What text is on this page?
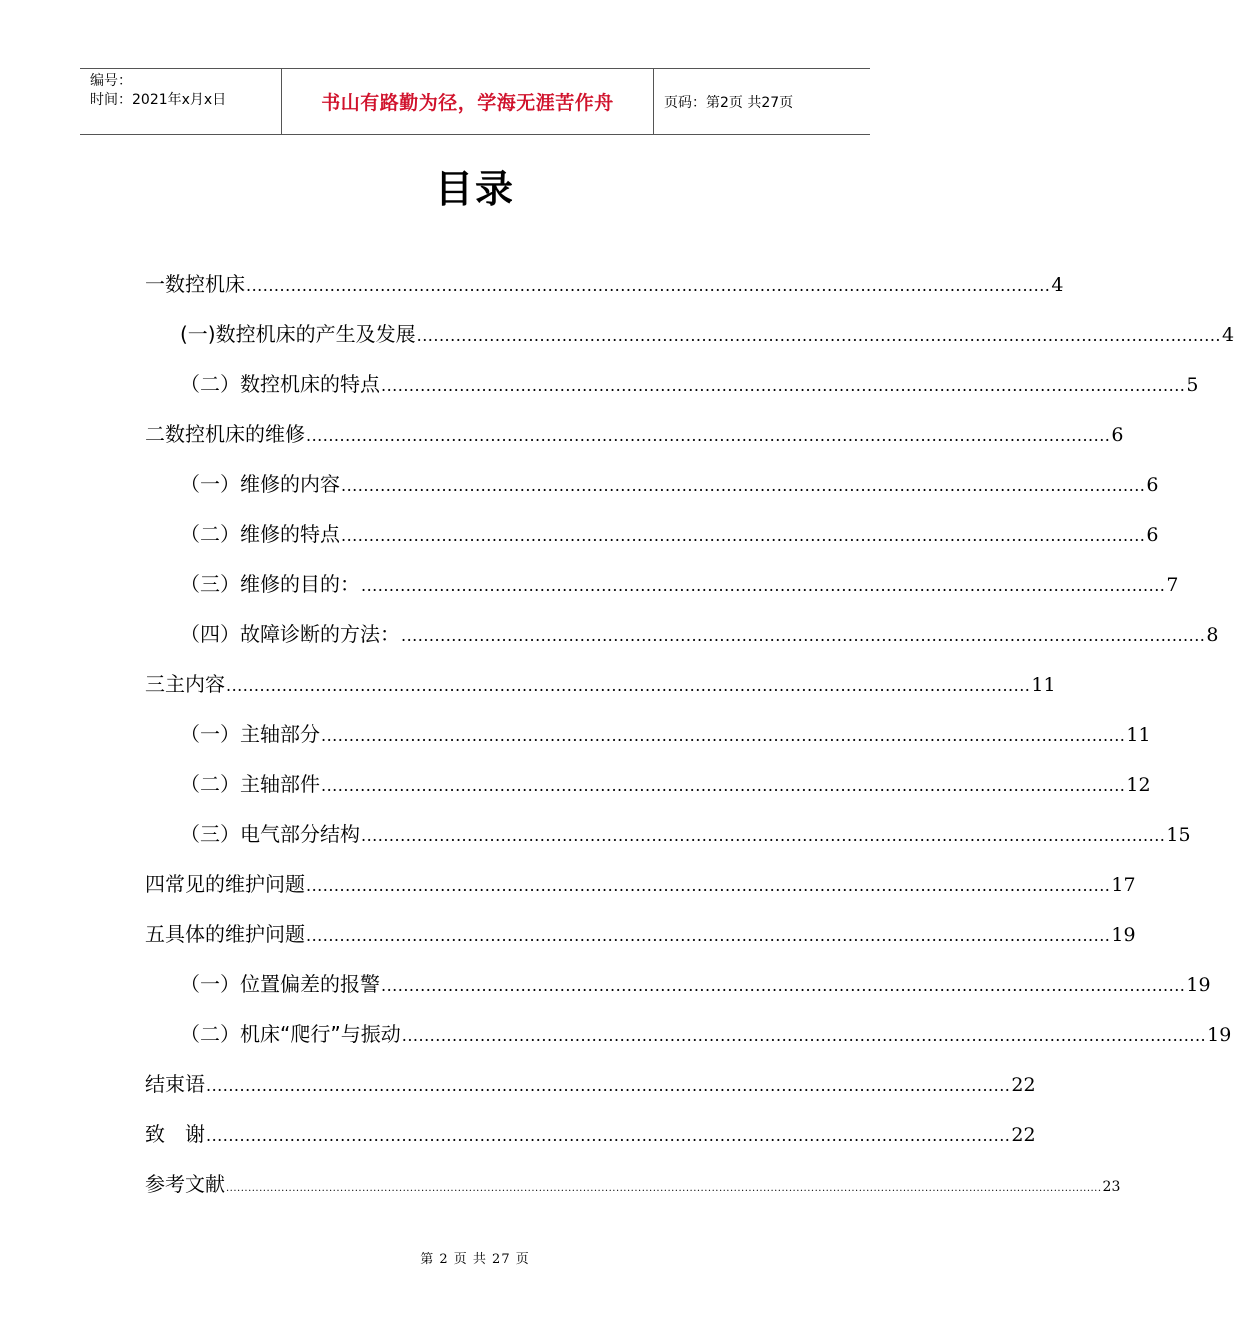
编号：
时间：2021年x月x日	书山有路勤为径，学海无涯苦作舟	页码：第2页 共27页
目录
一 数控机床 ................................................................................................................................................ 4
(一) 数控机床的产生及发展 ................................................................................................................................................ 4
（二） 数控机床的特点 ................................................................................................................................................ 5
二 数控机床的维修 ................................................................................................................................................ 6
（一） 维修的内容 ................................................................................................................................................ 6
（二） 维修的特点 ................................................................................................................................................ 6
（三） 维修的目的： ................................................................................................................................................ 7
（四） 故障诊断的方法： ................................................................................................................................................ 8
三 主内容 ................................................................................................................................................ 11
（一） 主轴部分 ................................................................................................................................................ 11
（二） 主轴部件 ................................................................................................................................................ 12
（三） 电气部分结构 ................................................................................................................................................ 15
四 常见的维护问题 ................................................................................................................................................ 17
五 具体的维护问题 ................................................................................................................................................ 19
（一） 位置偏差的报警 ................................................................................................................................................ 19
（二） 机床“爬行”与振动 ................................................................................................................................................ 19
结束语 ................................................................................................................................................ 22
致　谢 ................................................................................................................................................ 22
参考文献 .............................................................................................................................................................................................................................................. 23
第 2 页 共 27 页
